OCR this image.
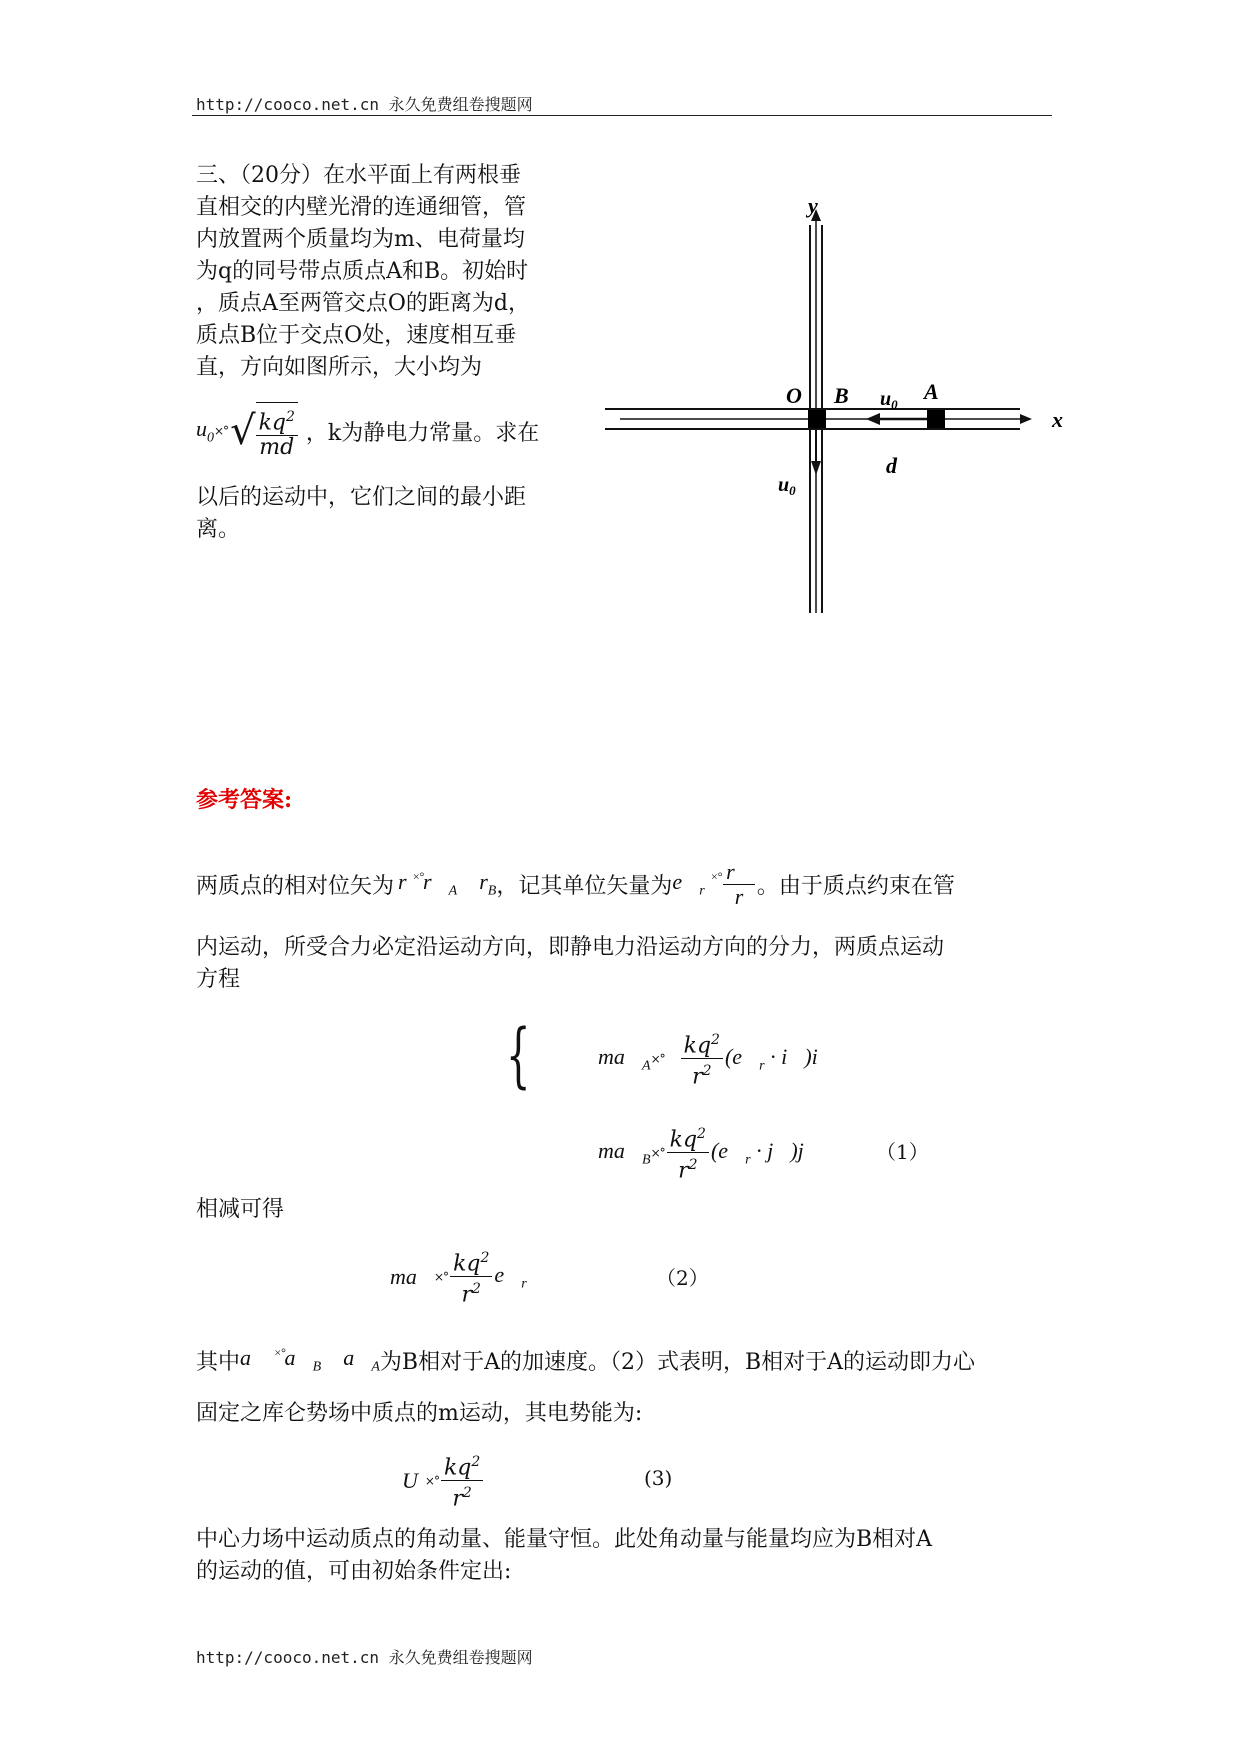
http://cooco.net.cn 永久免费组卷搜题网
三、（20分）在水平面上有两根垂
直相交的内壁光滑的连通细管，管
内放置两个质量均为m、电荷量均
为q的同号带点质点A和B。初始时
，质点A至两管交点O的距离为d，
质点B位于交点O处，速度相互垂
直，方向如图所示，大小均为
$u_0$ ×° √ $\frac{kq^2}{md}$ ，k为静电力常量。求在
以后的运动中，它们之间的最小距
离。
y
x
O B	A
$u_0$
$u_0$
d
参考答案:
两质点的相对位矢为 r $^{\times^\circ}r⃗_A$    $r_B$ ，记其单位矢量为 $e⃗_r$ $^{\times^\circ} \frac{r⃗}{r}$ 。由于质点约束在管
内运动，所受合力必定沿运动方向，即静电力沿运动方向的分力，两质点运动
方程
{	$ma⃗_A$ ×°
$\frac{kq^2}{r^2}$ ($e⃗_r$ · i⃗)i⃗
$ma⃗_B$ ×° $\frac{kq^2}{r^2}$ ($e⃗_r$ · j⃗)j⃗	（1）
相减可得
ma⃗ ×° $\frac{kq^2}{r^2}$ $e⃗_r$	（2）
其中 a⃗ $^{\times^\circ}a⃗_B$    $a⃗_A$ 为B相对于A的加速度。（2）式表明，B相对于A的运动即力心
固定之库仑势场中质点的m运动，其电势能为:
U
×° $\frac{kq^2}{r^2}$	(3)
中心力场中运动质点的角动量、能量守恒。此处角动量与能量均应为B相对A
的运动的值，可由初始条件定出:
http://cooco.net.cn 永久免费组卷搜题网
